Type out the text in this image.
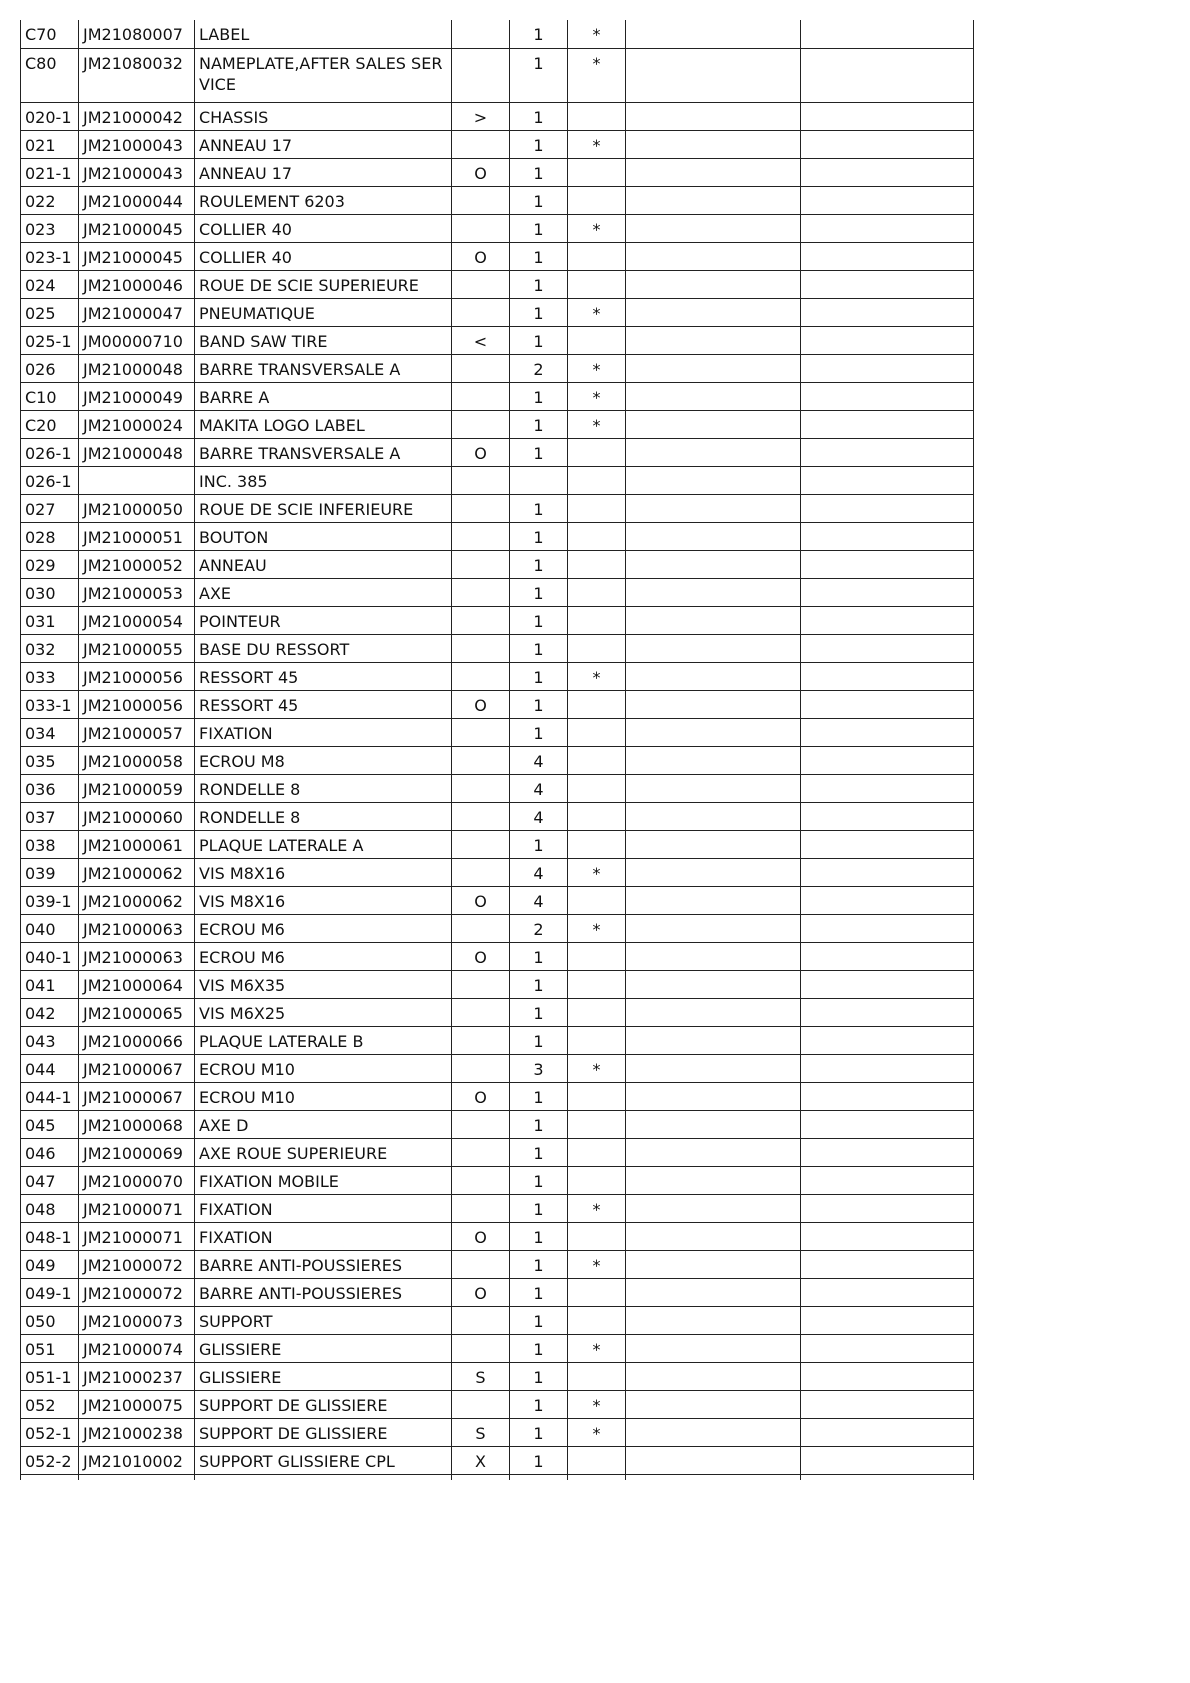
C70	JM21080007	LABEL		1	*		
C80	JM21080032	NAMEPLATE,AFTER SALES SERVICE		1	*		
020-1	JM21000042	CHASSIS	>	1			
021	JM21000043	ANNEAU 17		1	*		
021-1	JM21000043	ANNEAU 17	O	1			
022	JM21000044	ROULEMENT 6203		1			
023	JM21000045	COLLIER 40		1	*		
023-1	JM21000045	COLLIER 40	O	1			
024	JM21000046	ROUE DE SCIE SUPERIEURE		1			
025	JM21000047	PNEUMATIQUE		1	*		
025-1	JM00000710	BAND SAW TIRE	<	1			
026	JM21000048	BARRE TRANSVERSALE A		2	*		
C10	JM21000049	BARRE A		1	*		
C20	JM21000024	MAKITA LOGO LABEL		1	*		
026-1	JM21000048	BARRE TRANSVERSALE A	O	1			
026-1		INC. 385					
027	JM21000050	ROUE DE SCIE INFERIEURE		1			
028	JM21000051	BOUTON		1			
029	JM21000052	ANNEAU		1			
030	JM21000053	AXE		1			
031	JM21000054	POINTEUR		1			
032	JM21000055	BASE DU RESSORT		1			
033	JM21000056	RESSORT 45		1	*		
033-1	JM21000056	RESSORT 45	O	1			
034	JM21000057	FIXATION		1			
035	JM21000058	ECROU M8		4			
036	JM21000059	RONDELLE 8		4			
037	JM21000060	RONDELLE 8		4			
038	JM21000061	PLAQUE LATERALE A		1			
039	JM21000062	VIS M8X16		4	*		
039-1	JM21000062	VIS M8X16	O	4			
040	JM21000063	ECROU M6		2	*		
040-1	JM21000063	ECROU M6	O	1			
041	JM21000064	VIS M6X35		1			
042	JM21000065	VIS M6X25		1			
043	JM21000066	PLAQUE LATERALE B		1			
044	JM21000067	ECROU M10		3	*		
044-1	JM21000067	ECROU M10	O	1			
045	JM21000068	AXE D		1			
046	JM21000069	AXE ROUE SUPERIEURE		1			
047	JM21000070	FIXATION MOBILE		1			
048	JM21000071	FIXATION		1	*		
048-1	JM21000071	FIXATION	O	1			
049	JM21000072	BARRE ANTI-POUSSIERES		1	*		
049-1	JM21000072	BARRE ANTI-POUSSIERES	O	1			
050	JM21000073	SUPPORT		1			
051	JM21000074	GLISSIERE		1	*		
051-1	JM21000237	GLISSIERE	S	1			
052	JM21000075	SUPPORT DE GLISSIERE		1	*		
052-1	JM21000238	SUPPORT DE GLISSIERE	S	1	*		
052-2	JM21010002	SUPPORT GLISSIERE CPL	X	1			
